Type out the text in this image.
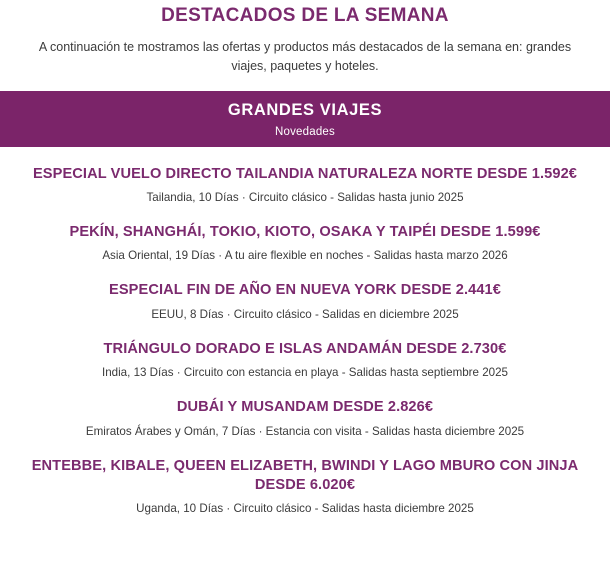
DESTACADOS DE LA SEMANA

A continuación te mostramos las ofertas y productos más destacados de la semana en: grandes viajes, paquetes y hoteles.

GRANDES VIAJES
Novedades
ESPECIAL VUELO DIRECTO TAILANDIA NATURALEZA NORTE DESDE 1.592€
Tailandia, 10 Días · Circuito clásico - Salidas hasta junio 2025
PEKÍN, SHANGHÁI, TOKIO, KIOTO, OSAKA Y TAIPÉI DESDE 1.599€
Asia Oriental, 19 Días · A tu aire flexible en noches - Salidas hasta marzo 2026
ESPECIAL FIN DE AÑO EN NUEVA YORK DESDE 2.441€
EEUU, 8 Días · Circuito clásico - Salidas en diciembre 2025
TRIÁNGULO DORADO E ISLAS ANDAMÁN DESDE 2.730€
India, 13 Días · Circuito con estancia en playa - Salidas hasta septiembre 2025
DUBÁI Y MUSANDAM DESDE 2.826€
Emiratos Árabes y Omán, 7 Días · Estancia con visita - Salidas hasta diciembre 2025
ENTEBBE, KIBALE, QUEEN ELIZABETH, BWINDI Y LAGO MBURO CON JINJA DESDE 6.020€
Uganda, 10 Días · Circuito clásico - Salidas hasta diciembre 2025
